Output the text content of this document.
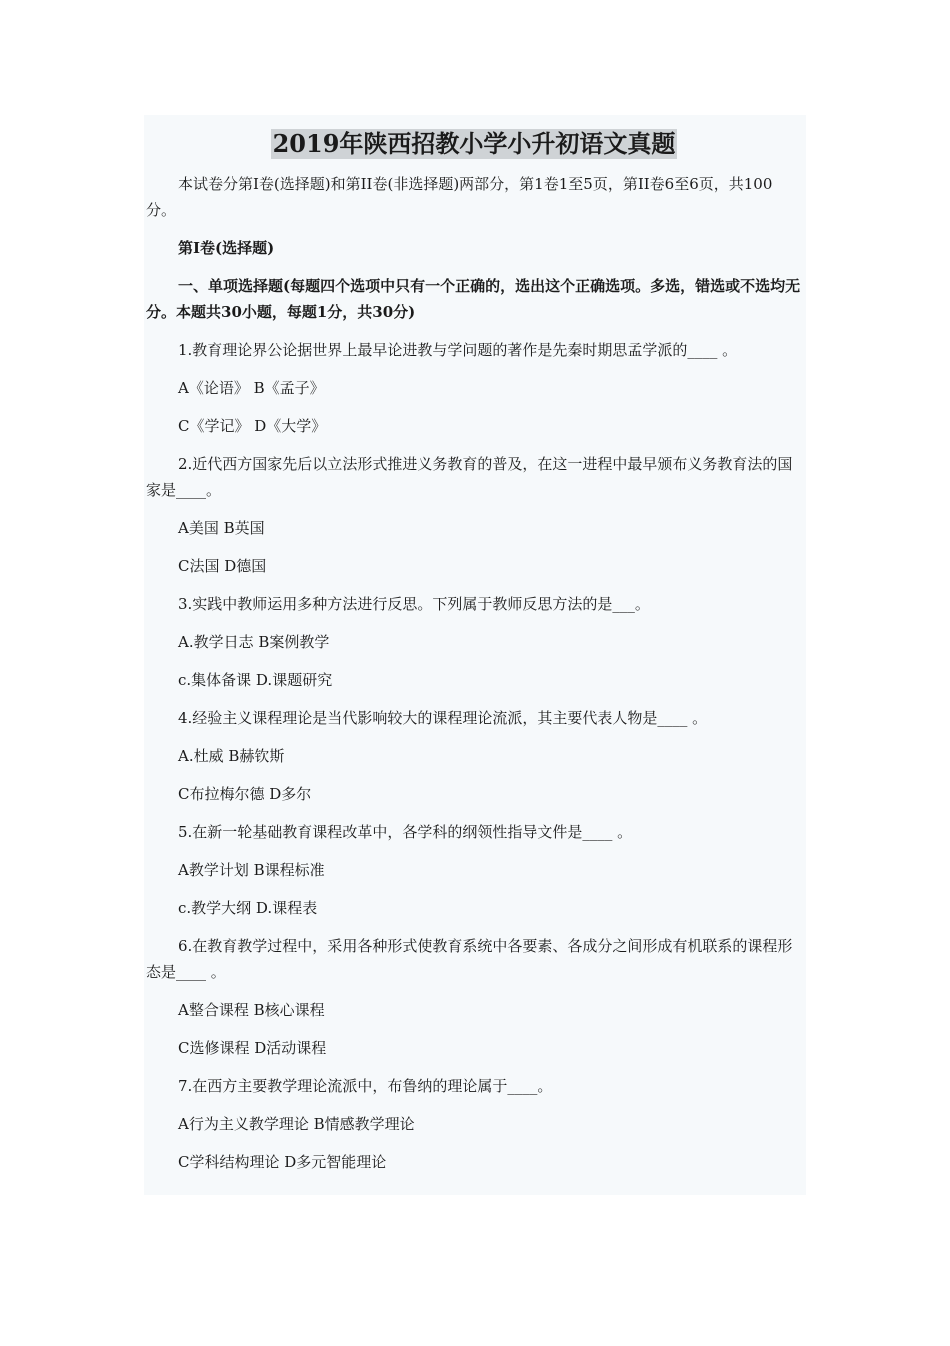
2019年陕西招教小学小升初语文真题

本试卷分第I卷(选择题)和第II卷(非选择题)两部分，第1卷1至5页，第II卷6至6页，共100分。

第I卷(选择题)

一、单项选择题(每题四个选项中只有一个正确的，选出这个正确选项。多选，错选或不选均无分。本题共30小题，每题1分，共30分)

1.教育理论界公论据世界上最早论进教与学问题的著作是先秦时期思孟学派的____ 。

A《论语》 B《孟子》

C《学记》 D《大学》

2.近代西方国家先后以立法形式推进义务教育的普及，在这一进程中最早颁布义务教育法的国家是____。

A美国 B英国

C法国 D德国

3.实践中教师运用多种方法进行反思。下列属于教师反思方法的是___。

A.教学日志 B案例教学

c.集体备课 D.课题研究

4.经验主义课程理论是当代影响较大的课程理论流派，其主要代表人物是____ 。

A.杜威 B赫钦斯

C布拉梅尔德 D多尔

5.在新一轮基础教育课程改革中，各学科的纲领性指导文件是____ 。

A教学计划 B课程标准

c.教学大纲 D.课程表

6.在教育教学过程中，采用各种形式使教育系统中各要素、各成分之间形成有机联系的课程形态是____ 。

A整合课程 B核心课程

C选修课程 D活动课程

7.在西方主要教学理论流派中，布鲁纳的理论属于____。

A行为主义教学理论 B情感教学理论

C学科结构理论 D多元智能理论
